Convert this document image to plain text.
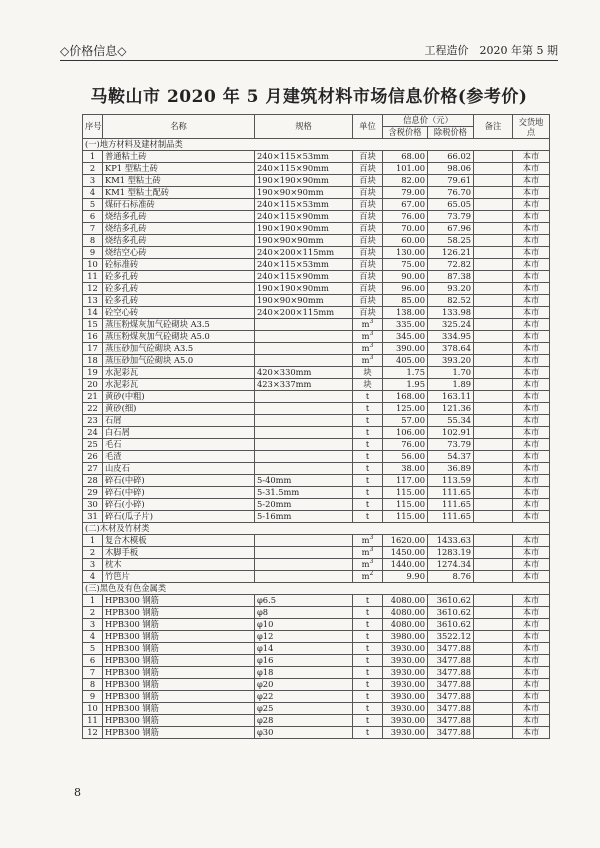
◇价格信息◇	工程造价　2020 年第 5 期
马鞍山市 2020 年 5 月建筑材料市场信息价格(参考价)
序号	名称	规格	单位	信息价（元）		备注	交货地点
				含税价格	除税价格		
(一)地方材料及建材制品类							
1	普通粘土砖	240×115×53mm	百块	68.00	66.02		本市
2	KP1 型粘土砖	240×115×90mm	百块	101.00	98.06		本市
3	KM1 型粘土砖	190×190×90mm	百块	82.00	79.61		本市
4	KM1 型粘土配砖	190×90×90mm	百块	79.00	76.70		本市
5	煤矸石标准砖	240×115×53mm	百块	67.00	65.05		本市
6	烧结多孔砖	240×115×90mm	百块	76.00	73.79		本市
7	烧结多孔砖	190×190×90mm	百块	70.00	67.96		本市
8	烧结多孔砖	190×90×90mm	百块	60.00	58.25		本市
9	烧结空心砖	240×200×115mm	百块	130.00	126.21		本市
10	砼标准砖	240×115×53mm	百块	75.00	72.82		本市
11	砼多孔砖	240×115×90mm	百块	90.00	87.38		本市
12	砼多孔砖	190×190×90mm	百块	96.00	93.20		本市
13	砼多孔砖	190×90×90mm	百块	85.00	82.52		本市
14	砼空心砖	240×200×115mm	百块	138.00	133.98		本市
15	蒸压粉煤灰加气砼砌块 A3.5		$m^3$	335.00	325.24		本市
16	蒸压粉煤灰加气砼砌块 A5.0		$m^3$	345.00	334.95		本市
17	蒸压砂加气砼砌块 A3.5		$m^3$	390.00	378.64		本市
18	蒸压砂加气砼砌块 A5.0		$m^3$	405.00	393.20		本市
19	水泥彩瓦	420×330mm	块	1.75	1.70		本市
20	水泥彩瓦	423×337mm	块	1.95	1.89		本市
21	黄砂(中粗)		t	168.00	163.11		本市
22	黄砂(细)		t	125.00	121.36		本市
23	石屑		t	57.00	55.34		本市
24	白石屑		t	106.00	102.91		本市
25	毛石		t	76.00	73.79		本市
26	毛渣		t	56.00	54.37		本市
27	山皮石		t	38.00	36.89		本市
28	碎石(中碎)	5-40mm	t	117.00	113.59		本市
29	碎石(中碎)	5-31.5mm	t	115.00	111.65		本市
30	碎石(小碎)	5-20mm	t	115.00	111.65		本市
31	碎石(瓜子片)	5-16mm	t	115.00	111.65		本市
(二)木材及竹材类							
1	复合木模板		$m^3$	1620.00	1433.63		本市
2	木脚手板		$m^3$	1450.00	1283.19		本市
3	枕木		$m^3$	1440.00	1274.34		本市
4	竹笆片		$m^2$	9.90	8.76		本市
(三)黑色及有色金属类							
1	HPB300 钢筋	φ6.5	t	4080.00	3610.62		本市
2	HPB300 钢筋	φ8	t	4080.00	3610.62		本市
3	HPB300 钢筋	φ10	t	4080.00	3610.62		本市
4	HPB300 钢筋	φ12	t	3980.00	3522.12		本市
5	HPB300 钢筋	φ14	t	3930.00	3477.88		本市
6	HPB300 钢筋	φ16	t	3930.00	3477.88		本市
7	HPB300 钢筋	φ18	t	3930.00	3477.88		本市
8	HPB300 钢筋	φ20	t	3930.00	3477.88		本市
9	HPB300 钢筋	φ22	t	3930.00	3477.88		本市
10	HPB300 钢筋	φ25	t	3930.00	3477.88		本市
11	HPB300 钢筋	φ28	t	3930.00	3477.88		本市
12	HPB300 钢筋	φ30	t	3930.00	3477.88		本市
8
